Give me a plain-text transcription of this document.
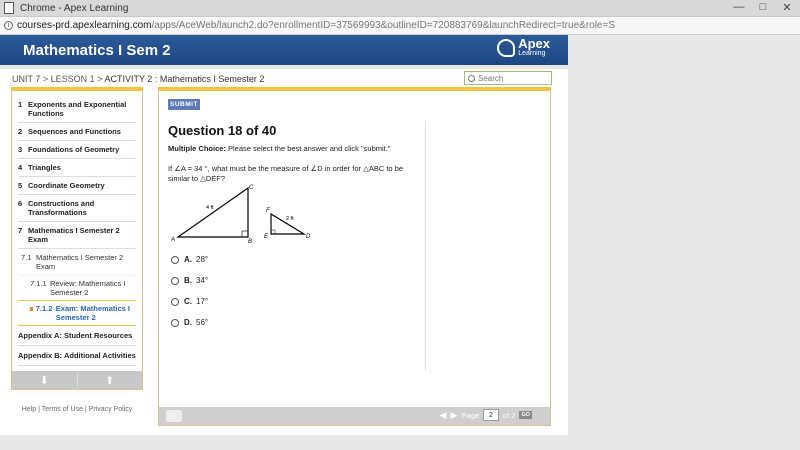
Chrome - Apex Learning	—	□	✕
i courses-prd.apexlearning.com /apps/AceWeb/launch2.do?enrollmentID=37569993&outlineID=720883769&launchRedirect=true&role=S
Mathematics I Sem 2	Apex
Learning
UNIT 7 > LESSON 1 > ACTIVITY 2 : Mathematics I Semester 2
Search
1 Exponents and Exponential Functions
2 Sequences and Functions
3 Foundations of Geometry
4 Triangles
5 Coordinate Geometry
6 Constructions and Transformations
7 Mathematics I Semester 2 Exam
7.1 Mathematics I Semester 2 Exam
7.1.1 Review: Mathematics I Semester 2
7.1.2 Exam: Mathematics I Semester 2
Appendix A: Student Resources
Appendix B: Additional Activities
⬇	⬆
Help | Terms of Use | Privacy Policy
SUBMIT
Question 18 of 40
Multiple Choice: Please select the best answer and click "submit."
If ∠A = 34 °, what must be the measure of ∠D in order for △ABC to be similar to △DEF?
A	B
C
4 ft	F
E	D
2 ft
A. 28°
B. 34°
C. 17°
D. 56°
◀ ▶ Page
2	of 2	GO
